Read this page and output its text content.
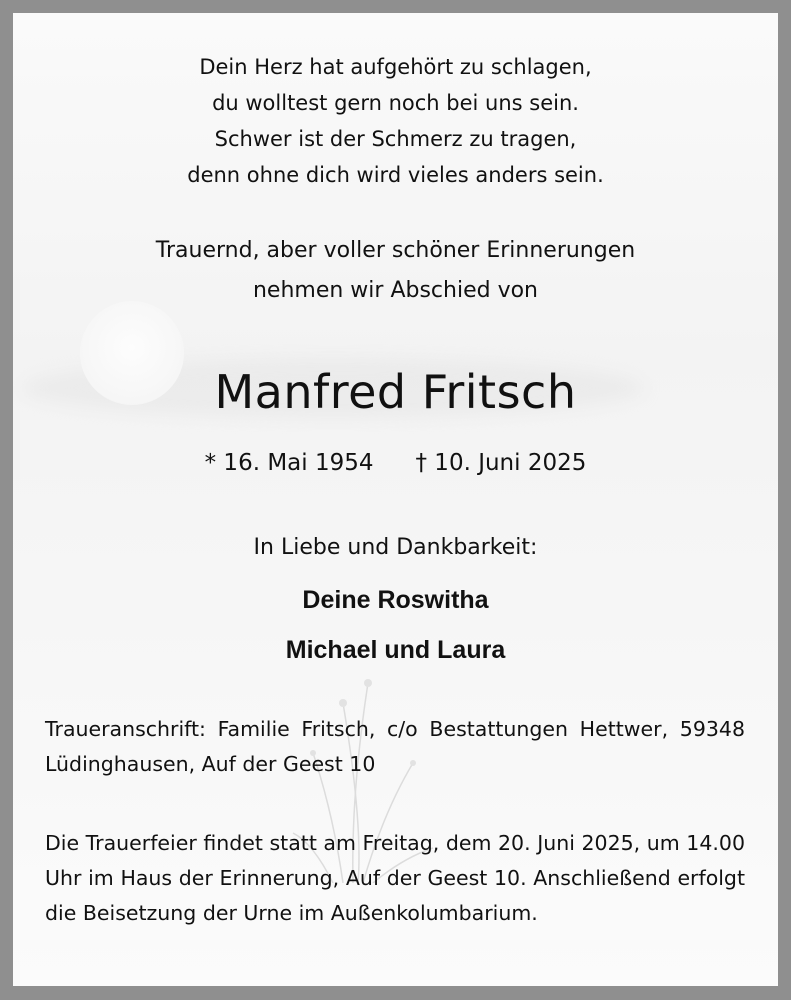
Dein Herz hat aufgehört zu schlagen,
du wolltest gern noch bei uns sein.
Schwer ist der Schmerz zu tragen,
denn ohne dich wird vieles anders sein.
Trauernd, aber voller schöner Erinnerungen
nehmen wir Abschied von
Manfred Fritsch
* 16. Mai 1954 † 10. Juni 2025
In Liebe und Dankbarkeit:
Deine Roswitha
Michael und Laura
Traueranschrift: Familie Fritsch, c/o Bestattungen Hettwer, 59348 Lüdinghausen, Auf der Geest 10
Die Trauerfeier findet statt am Freitag, dem 20. Juni 2025, um 14.00 Uhr im Haus der Erinnerung, Auf der Geest 10. Anschließend erfolgt die Beisetzung der Urne im Außenkolumbarium.
